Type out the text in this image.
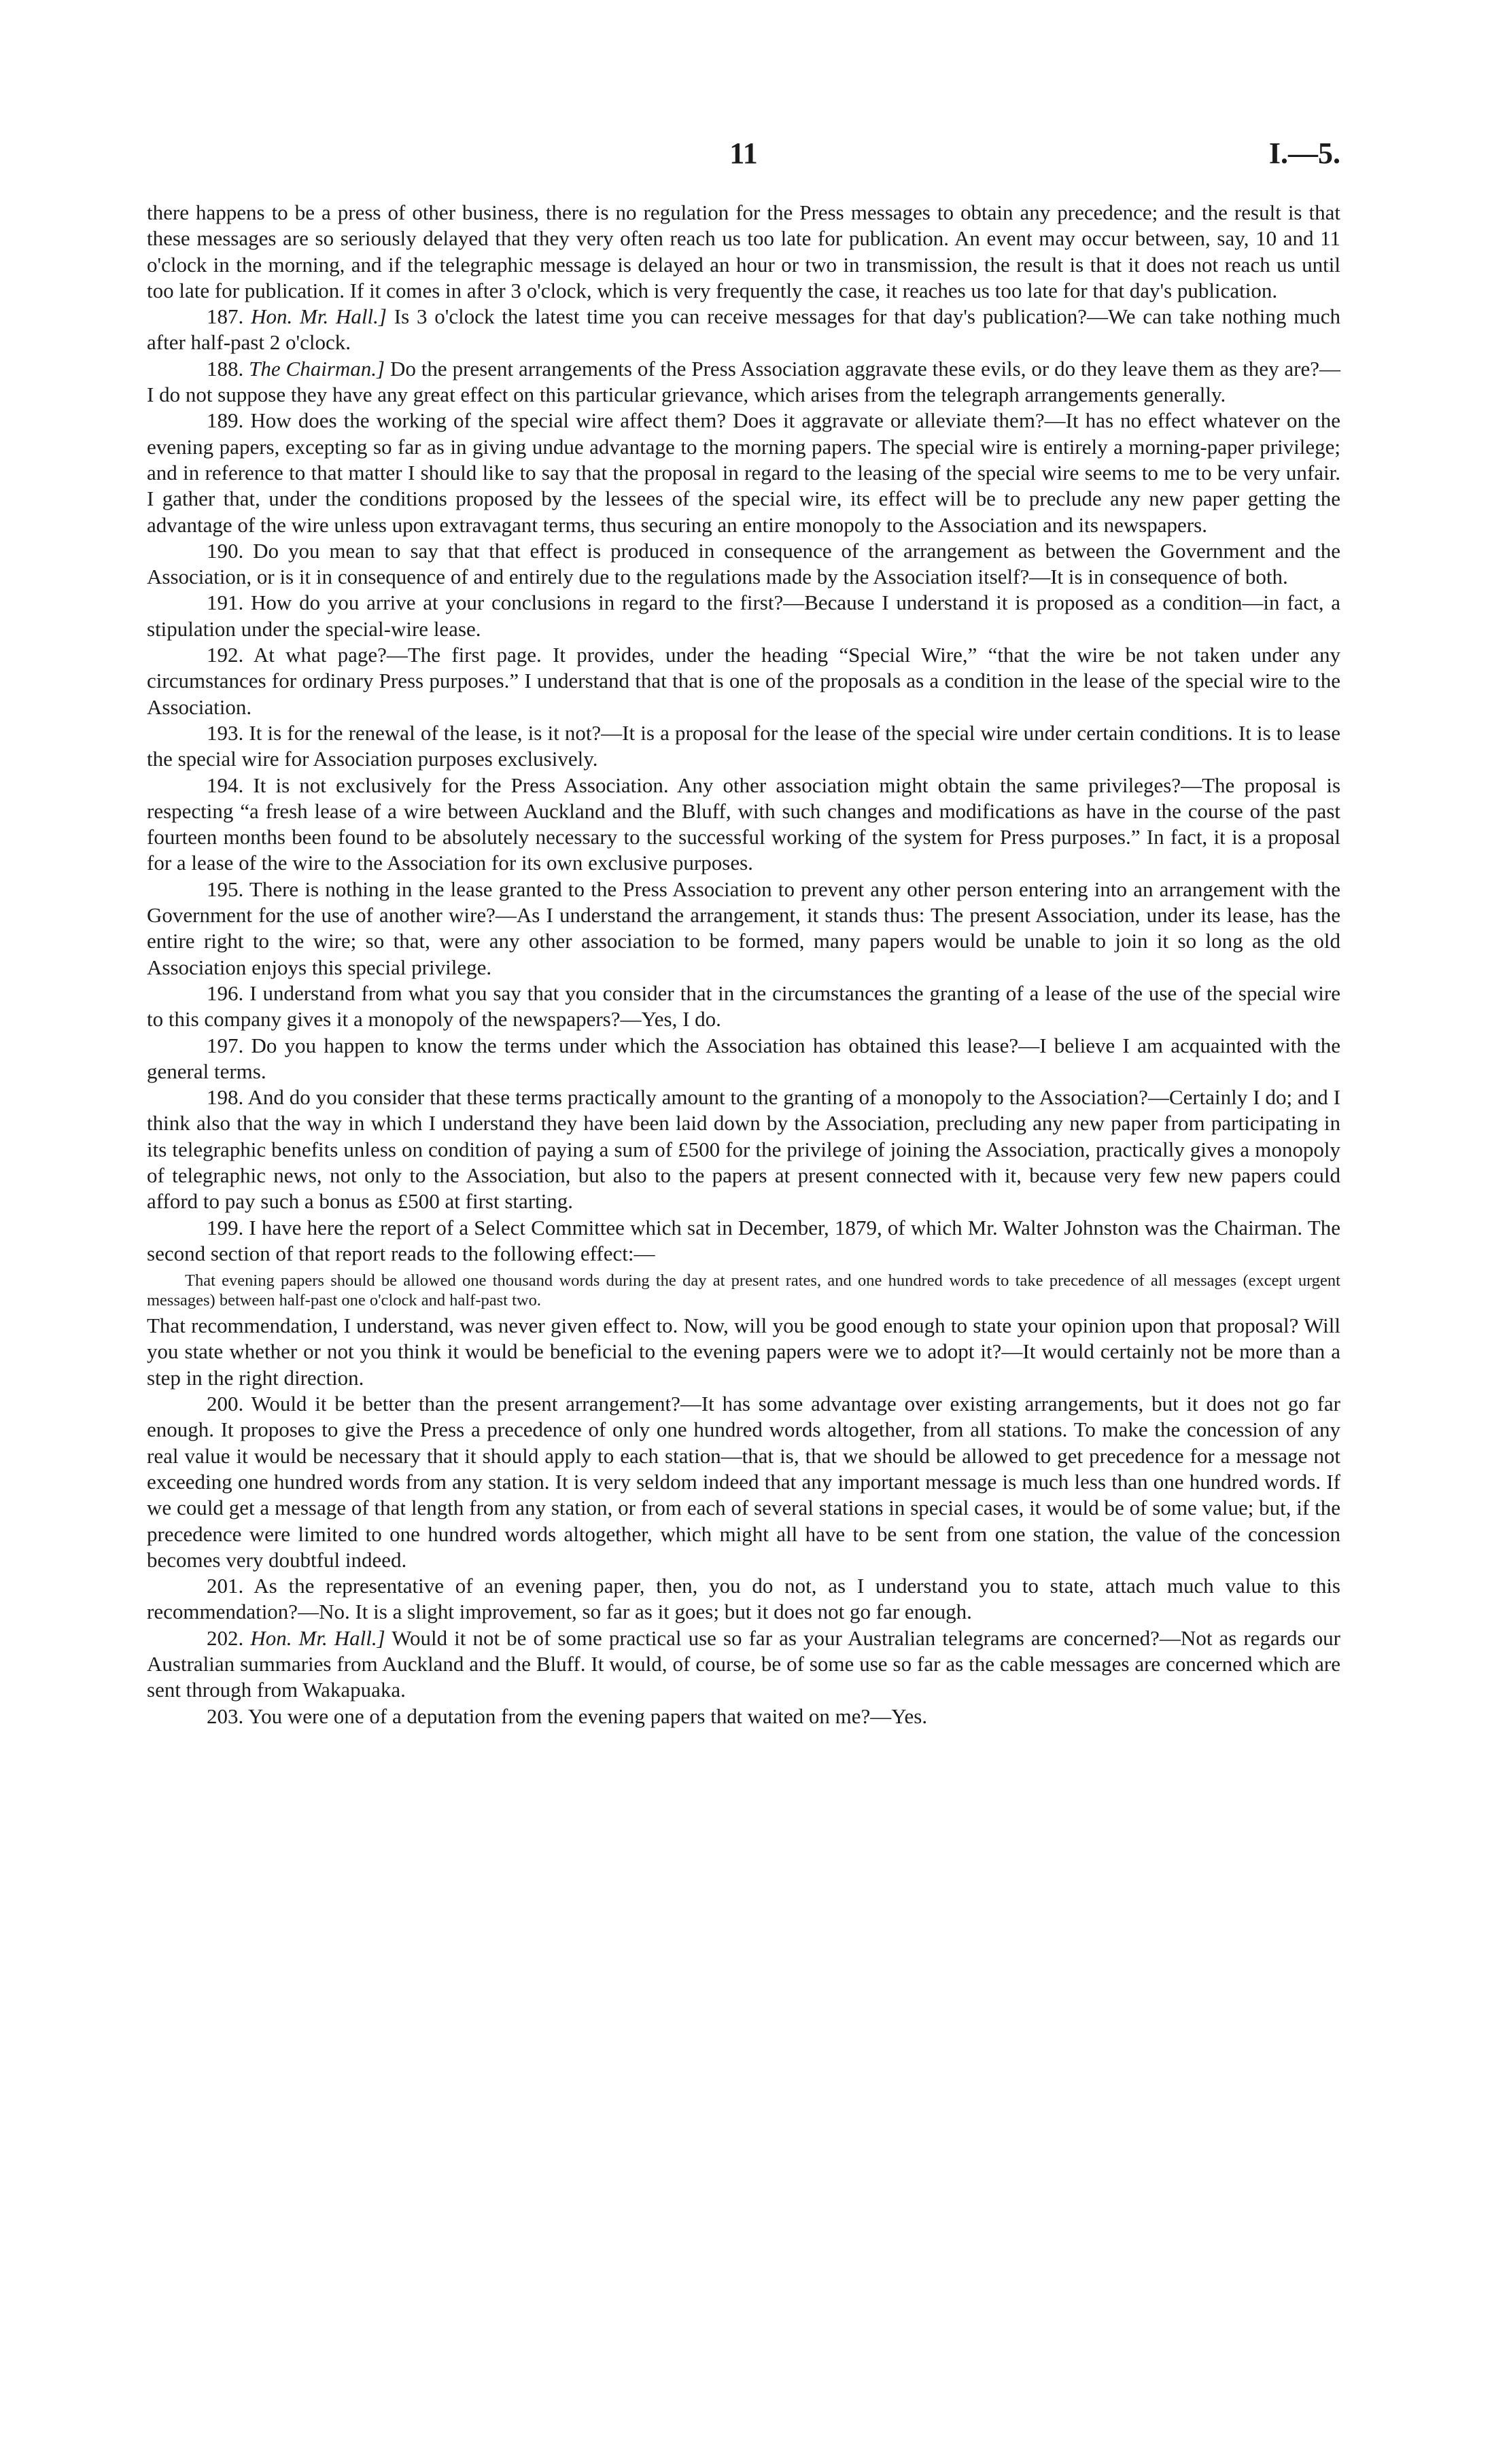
11	I.—5.

there happens to be a press of other business, there is no regulation for the Press messages to obtain any precedence; and the result is that these messages are so seriously delayed that they very often reach us too late for publication. An event may occur between, say, 10 and 11 o'clock in the morning, and if the telegraphic message is delayed an hour or two in transmission, the result is that it does not reach us until too late for publication. If it comes in after 3 o'clock, which is very frequently the case, it reaches us too late for that day's publication.

187. Hon. Mr. Hall.] Is 3 o'clock the latest time you can receive messages for that day's publication?—We can take nothing much after half-past 2 o'clock.

188. The Chairman.] Do the present arrangements of the Press Association aggravate these evils, or do they leave them as they are?—I do not suppose they have any great effect on this particular grievance, which arises from the telegraph arrangements generally.

189. How does the working of the special wire affect them? Does it aggravate or alleviate them?—It has no effect whatever on the evening papers, excepting so far as in giving undue advantage to the morning papers. The special wire is entirely a morning-paper privilege; and in reference to that matter I should like to say that the proposal in regard to the leasing of the special wire seems to me to be very unfair. I gather that, under the conditions proposed by the lessees of the special wire, its effect will be to preclude any new paper getting the advantage of the wire unless upon extravagant terms, thus securing an entire monopoly to the Association and its newspapers.

190. Do you mean to say that that effect is produced in consequence of the arrangement as between the Government and the Association, or is it in consequence of and entirely due to the regulations made by the Association itself?—It is in consequence of both.

191. How do you arrive at your conclusions in regard to the first?—Because I understand it is proposed as a condition—in fact, a stipulation under the special-wire lease.

192. At what page?—The first page. It provides, under the heading “Special Wire,” “that the wire be not taken under any circumstances for ordinary Press purposes.” I understand that that is one of the proposals as a condition in the lease of the special wire to the Association.

193. It is for the renewal of the lease, is it not?—It is a proposal for the lease of the special wire under certain conditions. It is to lease the special wire for Association purposes exclusively.

194. It is not exclusively for the Press Association. Any other association might obtain the same privileges?—The proposal is respecting “a fresh lease of a wire between Auckland and the Bluff, with such changes and modifications as have in the course of the past fourteen months been found to be absolutely necessary to the successful working of the system for Press purposes.” In fact, it is a proposal for a lease of the wire to the Association for its own exclusive purposes.

195. There is nothing in the lease granted to the Press Association to prevent any other person entering into an arrangement with the Government for the use of another wire?—As I understand the arrangement, it stands thus: The present Association, under its lease, has the entire right to the wire; so that, were any other association to be formed, many papers would be unable to join it so long as the old Association enjoys this special privilege.

196. I understand from what you say that you consider that in the circumstances the granting of a lease of the use of the special wire to this company gives it a monopoly of the newspapers?—Yes, I do.

197. Do you happen to know the terms under which the Association has obtained this lease?—I believe I am acquainted with the general terms.

198. And do you consider that these terms practically amount to the granting of a monopoly to the Association?—Certainly I do; and I think also that the way in which I understand they have been laid down by the Association, precluding any new paper from participating in its telegraphic benefits unless on condition of paying a sum of £500 for the privilege of joining the Association, practically gives a monopoly of telegraphic news, not only to the Association, but also to the papers at present connected with it, because very few new papers could afford to pay such a bonus as £500 at first starting.

199. I have here the report of a Select Committee which sat in December, 1879, of which Mr. Walter Johnston was the Chairman. The second section of that report reads to the following effect:—

That evening papers should be allowed one thousand words during the day at present rates, and one hundred words to take precedence of all messages (except urgent messages) between half-past one o'clock and half-past two.

That recommendation, I understand, was never given effect to. Now, will you be good enough to state your opinion upon that proposal? Will you state whether or not you think it would be beneficial to the evening papers were we to adopt it?—It would certainly not be more than a step in the right direction.

200. Would it be better than the present arrangement?—It has some advantage over existing arrangements, but it does not go far enough. It proposes to give the Press a precedence of only one hundred words altogether, from all stations. To make the concession of any real value it would be necessary that it should apply to each station—that is, that we should be allowed to get precedence for a message not exceeding one hundred words from any station. It is very seldom indeed that any important message is much less than one hundred words. If we could get a message of that length from any station, or from each of several stations in special cases, it would be of some value; but, if the precedence were limited to one hundred words altogether, which might all have to be sent from one station, the value of the concession becomes very doubtful indeed.

201. As the representative of an evening paper, then, you do not, as I understand you to state, attach much value to this recommendation?—No. It is a slight improvement, so far as it goes; but it does not go far enough.

202. Hon. Mr. Hall.] Would it not be of some practical use so far as your Australian telegrams are concerned?—Not as regards our Australian summaries from Auckland and the Bluff. It would, of course, be of some use so far as the cable messages are concerned which are sent through from Wakapuaka.

203. You were one of a deputation from the evening papers that waited on me?—Yes.
